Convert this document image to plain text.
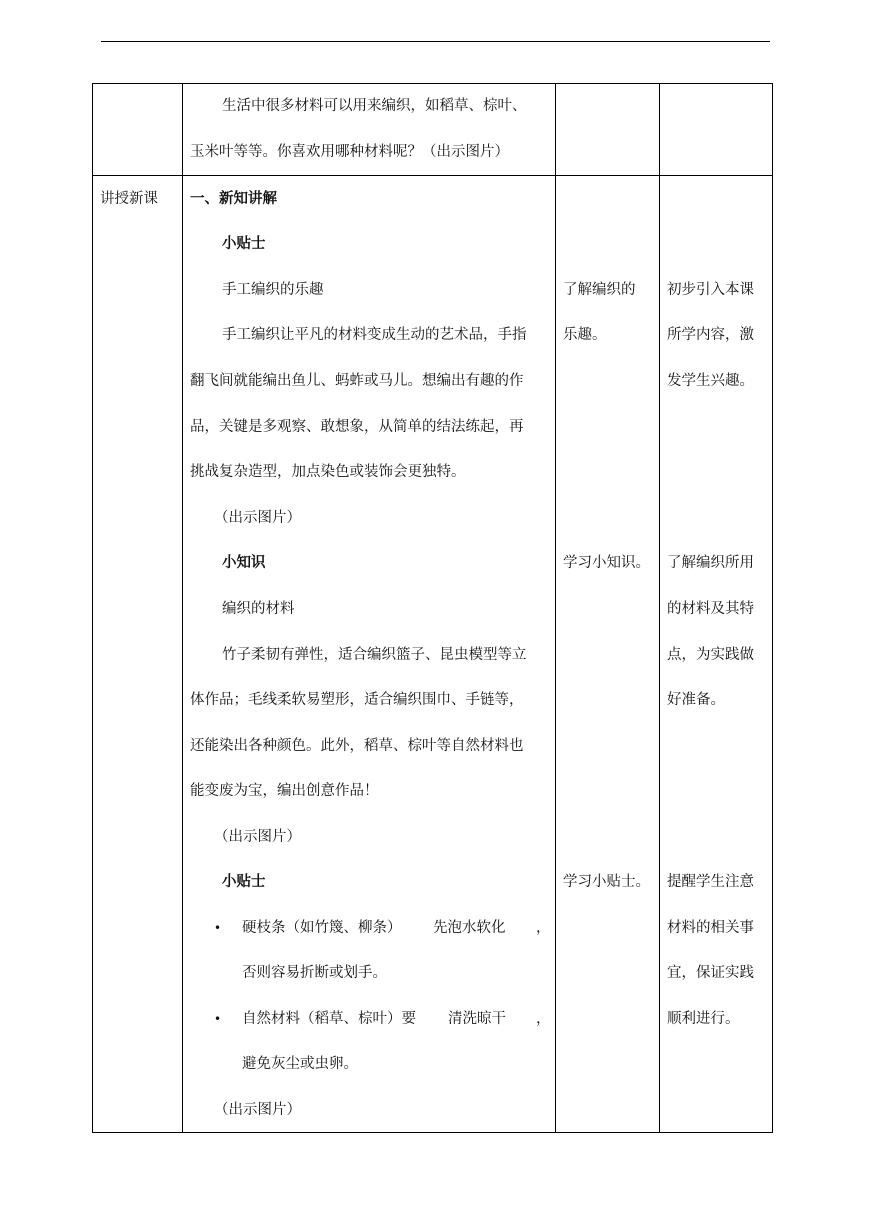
生活中很多材料可以用来编织，如稻草、棕叶、
玉米叶等等。你喜欢用哪种材料呢？（出示图片）
讲授新课 一、新知讲解
小贴士
手工编织的乐趣
手工编织让平凡的材料变成生动的艺术品，手指
翻飞间就能编出鱼儿、蚂蚱或马儿。想编出有趣的作
品，关键是多观察、敢想象，从简单的结法练起，再
挑战复杂造型，加点染色或装饰会更独特。
（出示图片）
小知识
编织的材料
竹子柔韧有弹性，适合编织篮子、昆虫模型等立
体作品；毛线柔软易塑形，适合编织围巾、手链等，
还能染出各种颜色。此外，稻草、棕叶等自然材料也
能变废为宝，编出创意作品！
（出示图片）
小贴士
• 硬枝条（如竹篾、柳条） 先泡水软化 ，
否则容易折断或划手。
• 自然材料（稻草、棕叶）要 清洗晾干 ，
避免灰尘或虫卵。
（出示图片）
了解编织的
乐趣。
学习小知识。
学习小贴士。
初步引入本课
所学内容，激
发学生兴趣。
了解编织所用
的材料及其特
点，为实践做
好准备。
提醒学生注意
材料的相关事
宜，保证实践
顺利进行。
